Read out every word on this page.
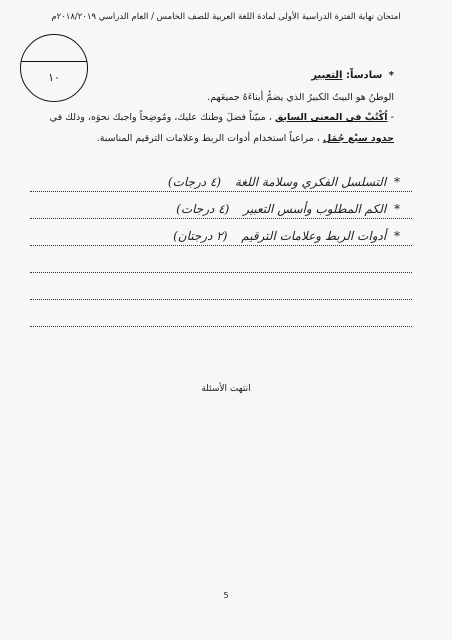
امتحان نهاية الفترة الدراسية الأولى لمادة اللغة العربية للصف الخامس / العام الدراسي ٢٠١٨/٢٠١٩م
١٠	* سادساً: التعبير
الوطنُ هو البيتُ الكبيرُ الذي يضمُّ أبناءَهُ جميعَهم.
- اُكْتُبْ في المعنى السابق ، مبيّناً فضلَ وطنك عليك، ومُوضِحاً واجبك نحوَه، وذلك في
حدود سبْع جُمَل ، مراعياً استخدام أدوات الربط وعلامات الترقيم المناسبة.
* التسلسل الفكري وسلامة اللغة (٤ درجات)
* الكم المطلوب وأسس التعبير (٤ درجات)
* أدوات الربط وعلامات الترقيم (٢ درجتان)
انتهت الأسئلة
5
